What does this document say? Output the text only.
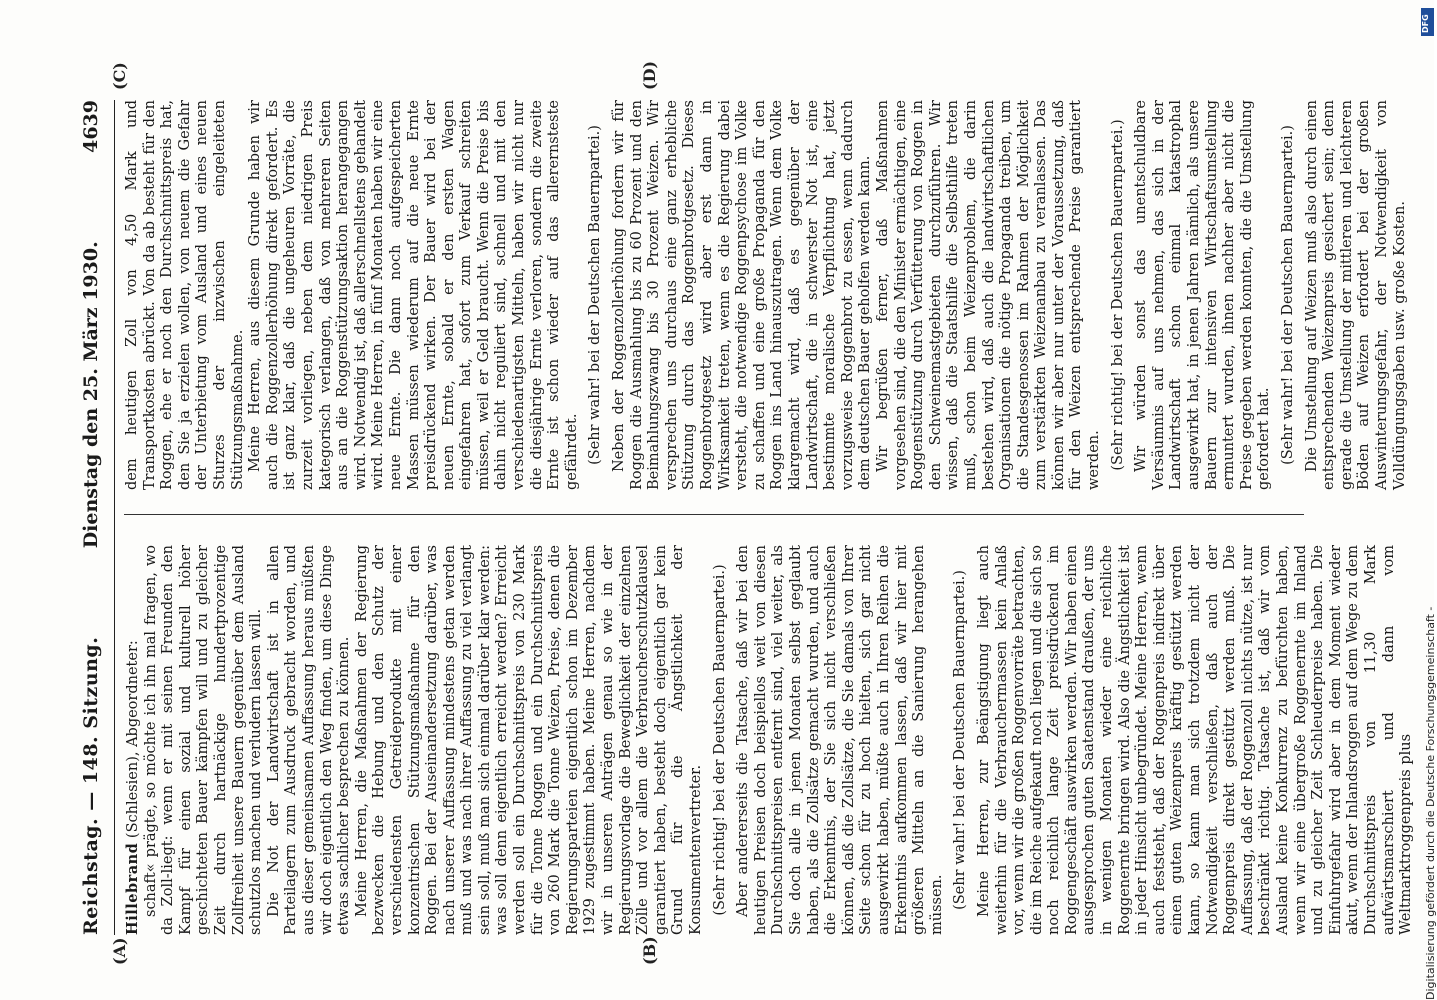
Reichstag. — 148. Sitzung.
Dienstag den 25. März 1930.
4639

Hillebrand (Schlesien), Abgeordneter: schaft« prägte, so möchte ich ihn mal fragen, wo da Zoll-liegt: wenn er mit seinen Freunden den Kampf für einen sozial und kulturell höher geschichteten Bauer kämpfen will und zu gleicher Zeit durch hartnäckige hundertprozentige Zollfreiheit unsere Bauern gegenüber dem Ausland schutzlos machen und verludern lassen will. Die Not der Landwirtschaft ist in allen Parteilagern zum Ausdruck gebracht worden, und aus dieser gemeinsamen Auffassung heraus müßten wir doch eigentlich den Weg finden, um diese Dinge etwas sachlicher besprechen zu können. Meine Herren, die Maßnahmen der Regierung bezwecken die Hebung und den Schutz der verschiedensten Getreideprodukte mit einer konzentrischen Stützungsmaßnahme für den Roggen. Bei der Auseinandersetzung darüber, was nach unserer Auffassung mindestens getan werden muß und was nach ihrer Auffassung zu viel verlangt sein soll, muß man sich einmal darüber klar werden: was soll denn eigentlich erreicht werden? Erreicht werden soll ein Durchschnittspreis von 230 Mark für die Tonne Roggen und ein Durchschnittspreis von 260 Mark die Tonne Weizen, Preise, denen die Regierungsparteien eigentlich schon im Dezember 1929 zugestimmt haben. Meine Herren, nachdem wir in unseren Anträgen genau so wie in der Regierungsvorlage die Beweglichkeit der einzelnen Zölle und vor allem die Verbraucherschutzklausel garantiert haben, besteht doch eigentlich gar kein Grund für die Ängstlichkeit der Konsumentenvertreter. (Sehr richtig! bei der Deutschen Bauernpartei.) Aber andererseits die Tatsache, daß wir bei den heutigen Preisen doch beispiellos weit von diesen Durchschnittspreisen entfernt sind, viel weiter, als Sie doch alle in jenen Monaten selbst geglaubt haben, als die Zollsätze gemacht wurden, und auch die Erkenntnis, der Sie sich nicht verschließen können, daß die Zollsätze, die Sie damals von Ihrer Seite schon für zu hoch hielten, sich gar nicht ausgewirkt haben, müßte auch in Ihren Reihen die Erkenntnis aufkommen lassen, daß wir hier mit größeren Mitteln an die Sanierung herangehen müssen. (Sehr wahr! bei der Deutschen Bauernpartei.) Meine Herren, zur Beängstigung liegt auch weiterhin für die Verbrauchermassen kein Anlaß vor, wenn wir die großen Roggenvorräte betrachten, die im Reiche aufgekauft noch liegen und die sich so noch reichlich lange Zeit preisdrückend im Roggengeschäft auswirken werden. Wir haben einen ausgesprochen guten Saatenstand draußen, der uns in wenigen Monaten wieder eine reichliche Roggenernte bringen wird. Also die Ängstlichkeit ist in jeder Hinsicht unbegründet. Meine Herren, wenn auch feststeht, daß der Roggenpreis indirekt über einen guten Weizenpreis kräftig gestützt werden kann, so kann man sich trotzdem nicht der Notwendigkeit verschließen, daß auch der Roggenpreis direkt gestützt werden muß. Die Auffassung, daß der Roggenzoll nichts nütze, ist nur beschränkt richtig. Tatsache ist, daß wir vom Ausland keine Konkurrenz zu befürchten haben, wenn wir eine übergroße Roggenernte im Inland und zu gleicher Zeit Schleuderpreise haben. Die Einfuhrgefahr wird aber in dem Moment wieder akut, wenn der Inlandsroggen auf dem Wege zu dem Durchschnittspreis von 11,30 Mark aufwärtsmarschiert und dann vom Weltmarktroggenpreis plus

dem heutigen Zoll von 4,50 Mark und Transportkosten abrückt. Von da ab besteht für den Roggen, ehe er noch den Durchschnittspreis hat, den Sie ja erzielen wollen, von neuem die Gefahr der Unterbietung vom Ausland und eines neuen Sturzes der inzwischen eingeleiteten Stützungsmaßnahme. Meine Herren, aus diesem Grunde haben wir auch die Roggenzollerhöhung direkt gefordert. Es ist ganz klar, daß die ungeheuren Vorräte, die zurzeit vorliegen, neben dem niedrigen Preis kategorisch verlangen, daß von mehreren Seiten aus an die Roggenstützungsaktion herangegangen wird. Notwendig ist, daß allerschnellstens gehandelt wird. Meine Herren, in fünf Monaten haben wir eine neue Ernte. Die dann noch aufgespeicherten Massen müssen wiederum auf die neue Ernte preisdrückend wirken. Der Bauer wird bei der neuen Ernte, sobald er den ersten Wagen eingefahren hat, sofort zum Verkauf schreiten müssen, weil er Geld braucht. Wenn die Preise bis dahin nicht reguliert sind, schnell und mit den verschiedenartigsten Mitteln, haben wir nicht nur die diesjährige Ernte verloren, sondern die zweite Ernte ist schon wieder auf das allerernsteste gefährdet. (Sehr wahr! bei der Deutschen Bauernpartei.) Neben der Roggenzollerhöhung fordern wir für Roggen die Ausmahlung bis zu 60 Prozent und den Beimahlungszwang bis 30 Prozent Weizen. Wir versprechen uns durchaus eine ganz erhebliche Stützung durch das Roggenbrotgesetz. Dieses Roggenbrotgesetz wird aber erst dann in Wirksamkeit treten, wenn es die Regierung dabei versteht, die notwendige Roggenpsychose im Volke zu schaffen und eine große Propaganda für den Roggen ins Land hinauszutragen. Wenn dem Volke klargemacht wird, daß es gegenüber der Landwirtschaft, die in schwerster Not ist, eine bestimmte moralische Verpflichtung hat, jetzt vorzugsweise Roggenbrot zu essen, wenn dadurch dem deutschen Bauer geholfen werden kann. Wir begrüßen ferner, daß Maßnahmen vorgesehen sind, die den Minister ermächtigen, eine Roggenstützung durch Verfütterung von Roggen in den Schweinemastgebieten durchzuführen. Wir wissen, daß die Staatshilfe die Selbsthilfe treten muß, schon beim Weizenproblem, die darin bestehen wird, daß auch die landwirtschaftlichen Organisationen die nötige Propaganda treiben, um die Standesgenossen im Rahmen der Möglichkeit zum verstärkten Weizenanbau zu veranlassen. Das können wir aber nur unter der Voraussetzung, daß für den Weizen entsprechende Preise garantiert werden. (Sehr richtig! bei der Deutschen Bauernpartei.) Wir würden sonst das unentschuldbare Versäumnis auf uns nehmen, das sich in der Landwirtschaft schon einmal katastrophal ausgewirkt hat, in jenen Jahren nämlich, als unsere Bauern zur intensiven Wirtschaftsumstellung ermuntert wurden, ihnen nachher aber nicht die Preise gegeben werden konnten, die die Umstellung gefordert hat. (Sehr wahr! bei der Deutschen Bauernpartei.) Die Umstellung auf Weizen muß also durch einen entsprechenden Weizenpreis gesichert sein; denn gerade die Umstellung der mittleren und leichteren Böden auf Weizen erfordert bei der großen Auswinterungsgefahr, der Notwendigkeit von Volldüngungsgaben usw. große Kosten.

(A)	(B)
(C)	(D)
DFG
Digitalisierung gefördert durch die Deutsche Forschungsgemeinschaft -
